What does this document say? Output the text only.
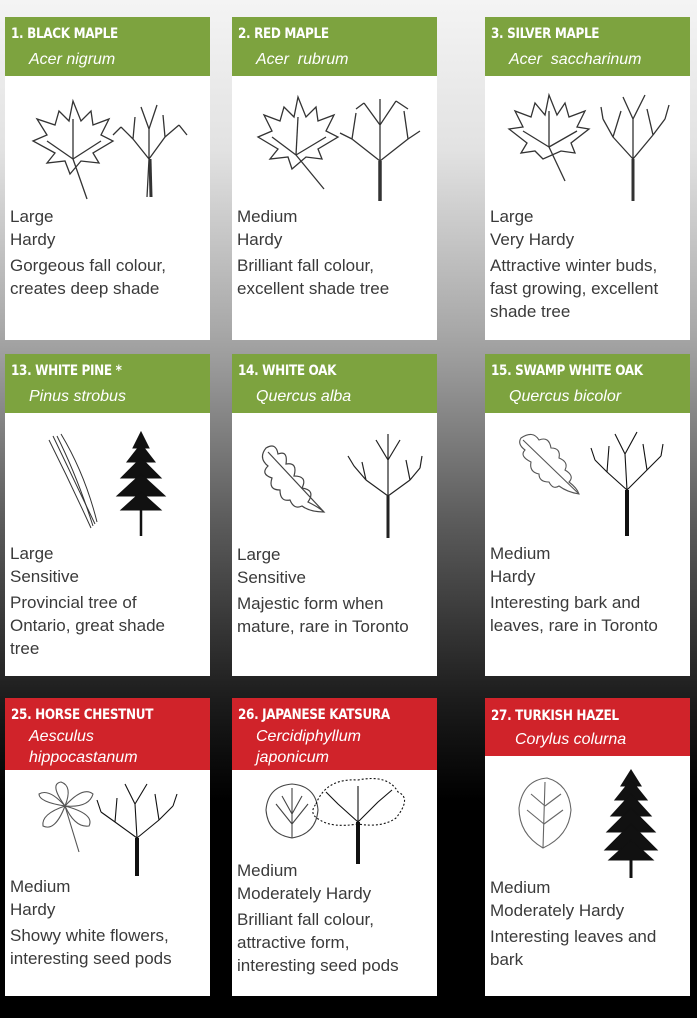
1. BLACK MAPLE

Acer nigrum

Large

Hardy

Gorgeous fall colour,

creates deep shade

2. RED MAPLE

Acer  rubrum

Medium

Hardy

Brilliant fall colour,

excellent shade tree

3. SILVER MAPLE

Acer  saccharinum

Large

Very Hardy

Attractive winter buds,

fast growing, excellent

shade tree

13. WHITE PINE *

Pinus strobus

Large

Sensitive

Provincial tree of

Ontario, great shade

tree

14. WHITE OAK

Quercus alba

Large

Sensitive

Majestic form when

mature, rare in Toronto

15. SWAMP WHITE OAK

Quercus bicolor

Medium

Hardy

Interesting bark and

leaves, rare in Toronto

25. HORSE CHESTNUT

Aesculus
hippocastanum

Medium

Hardy

Showy white flowers,

interesting seed pods

26. JAPANESE KATSURA

Cercidiphyllum
japonicum

Medium

Moderately Hardy

Brilliant fall colour,

attractive form,

interesting seed pods

27. TURKISH HAZEL

Corylus colurna

Medium

Moderately Hardy

Interesting leaves and

bark
